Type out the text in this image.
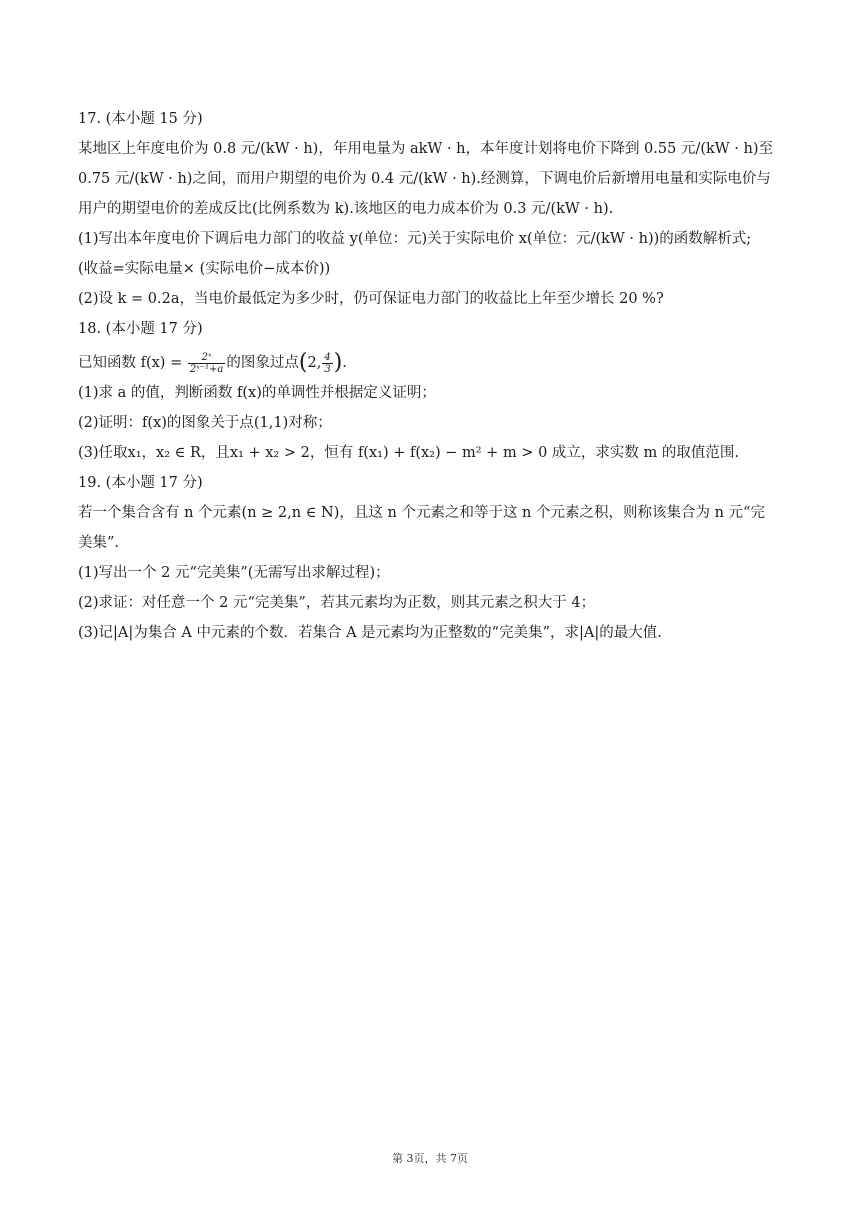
17. (本小题 15 分)
某地区上年度电价为 0.8 元/(kW · h)，年用电量为 akW · h，本年度计划将电价下降到 0.55 元/(kW · h)至
0.75 元/(kW · h)之间，而用户期望的电价为 0.4 元/(kW · h).经测算，下调电价后新增用电量和实际电价与
用户的期望电价的差成反比(比例系数为 k).该地区的电力成本价为 0.3 元/(kW · h).
(1)写出本年度电价下调后电力部门的收益 y(单位：元)关于实际电价 x(单位：元/(kW · h))的函数解析式;
(收益=实际电量× (实际电价−成本价))
(2)设 k = 0.2a，当电价最低定为多少时，仍可保证电力部门的收益比上年至少增长 20 %?
18. (本小题 17 分)
已知函数 $f(x) = \frac{\text{2ˣ}}{\text{2ˣ⁻¹+a}}$ 的图象过点(2, $\frac{4}{3}$ ).
(1)求 a 的值，判断函数 f(x)的单调性并根据定义证明；
(2)证明：f(x)的图象关于点(1,1)对称；
(3)任取x₁，x₂ ∈ R，且x₁ + x₂ > 2，恒有 f(x₁) + f(x₂) − m² + m > 0 成立，求实数 m 的取值范围.
19. (本小题 17 分)
若一个集合含有 n 个元素(n ≥ 2,n ∈ N)，且这 n 个元素之和等于这 n 个元素之积，则称该集合为 n 元“完
美集”.
(1)写出一个 2 元“完美集”(无需写出求解过程)；
(2)求证：对任意一个 2 元“完美集”，若其元素均为正数，则其元素之积大于 4；
(3)记|A|为集合 A 中元素的个数．若集合 A 是元素均为正整数的“完美集”，求|A|的最大值.
第 3页，共 7页
